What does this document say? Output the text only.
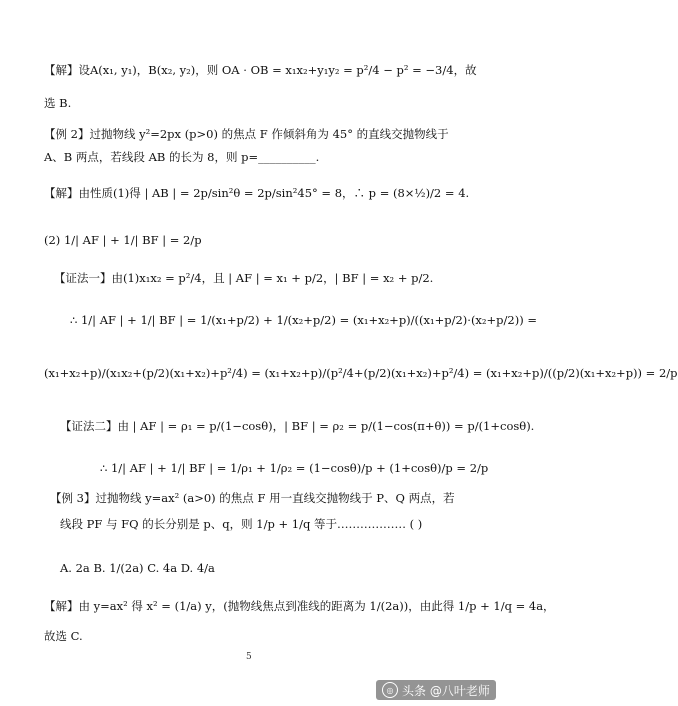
【解】设A(x₁, y₁)，B(x₂, y₂)，则 OA · OB = x₁x₂+y₁y₂ = p²/4 − p² = −3/4，故
选 B.
【例 2】过抛物线 y²=2px (p>0) 的焦点 F 作倾斜角为 45° 的直线交抛物线于
A、B 两点，若线段 AB 的长为 8，则 p=__________.
【解】由性质(1)得 | AB | = 2p/sin²θ = 2p/sin²45° = 8，∴ p = (8×½)/2 = 4.
(2) 1/| AF | + 1/| BF | = 2/p
【证法一】由(1)x₁x₂ = p²/4，且 | AF | = x₁ + p/2，| BF | = x₂ + p/2.
∴ 1/| AF | + 1/| BF | = 1/(x₁+p/2) + 1/(x₂+p/2) = (x₁+x₂+p)/((x₁+p/2)·(x₂+p/2)) =
(x₁+x₂+p)/(x₁x₂+(p/2)(x₁+x₂)+p²/4) = (x₁+x₂+p)/(p²/4+(p/2)(x₁+x₂)+p²/4) = (x₁+x₂+p)/((p/2)(x₁+x₂+p)) = 2/p
【证法二】由 | AF | = ρ₁ = p/(1−cosθ)，| BF | = ρ₂ = p/(1−cos(π+θ)) = p/(1+cosθ).
∴ 1/| AF | + 1/| BF | = 1/ρ₁ + 1/ρ₂ = (1−cosθ)/p + (1+cosθ)/p = 2/p
【例 3】过抛物线 y=ax² (a>0) 的焦点 F 用一直线交抛物线于 P、Q 两点，若
线段 PF 与 FQ 的长分别是 p、q，则 1/p + 1/q 等于……………… ( )
A. 2a B. 1/(2a) C. 4a D. 4/a
【解】由 y=ax² 得 x² = (1/a) y，(抛物线焦点到准线的距离为 1/(2a))，由此得 1/p + 1/q = 4a，
故选 C.
5
◎ 头条 @八叶老师
